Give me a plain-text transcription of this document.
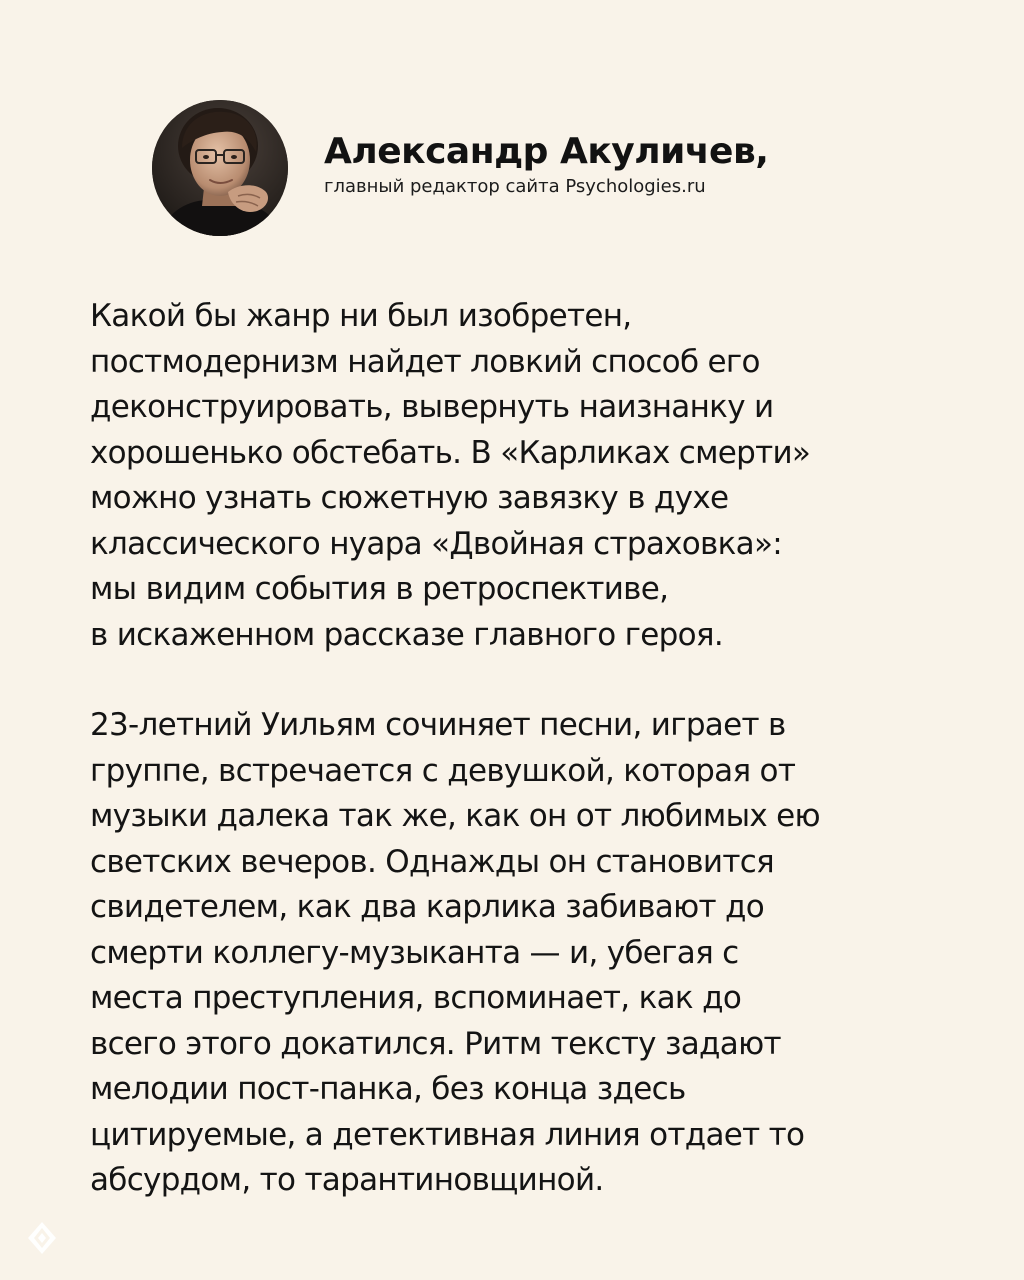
Александр Акуличев,
главный редактор сайта Psychologies.ru

Какой бы жанр ни был изобретен,
постмодернизм найдет ловкий способ его
деконструировать, вывернуть наизнанку и
хорошенько обстебать. В «Карликах смерти»
можно узнать сюжетную завязку в духе
классического нуара «Двойная страховка»:
мы видим события в ретроспективе,
в искаженном рассказе главного героя.

23-летний Уильям сочиняет песни, играет в
группе, встречается с девушкой, которая от
музыки далека так же, как он от любимых ею
светских вечеров. Однажды он становится
свидетелем, как два карлика забивают до
смерти коллегу-музыканта — и, убегая с
места преступления, вспоминает, как до
всего этого докатился. Ритм тексту задают
мелодии пост-панка, без конца здесь
цитируемые, а детективная линия отдает то
абсурдом, то тарантиновщиной.
